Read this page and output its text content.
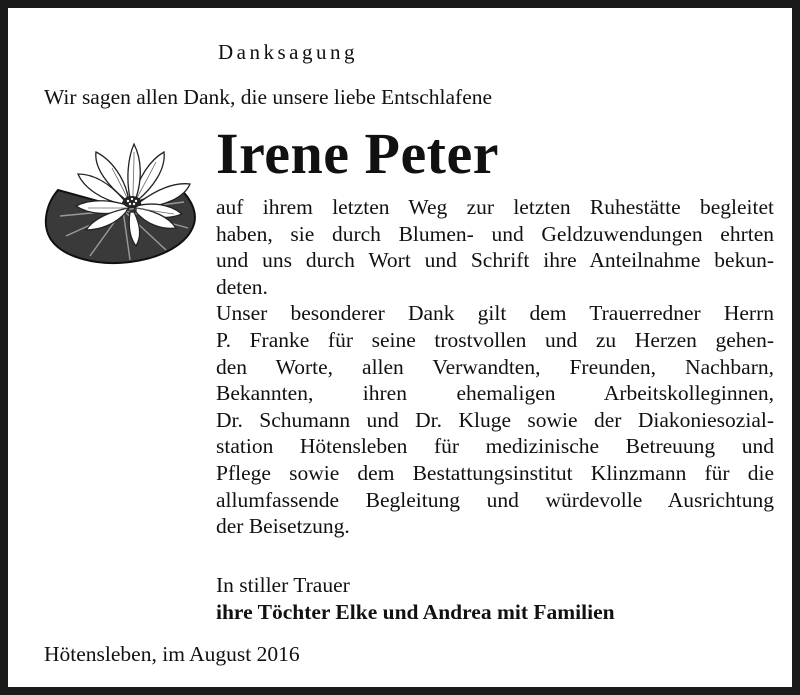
Danksagung
Wir sagen allen Dank, die unsere liebe Entschlafene
Irene Peter
auf ihrem letzten Weg zur letzten Ruhestätte begleitet
haben, sie durch Blumen- und Geldzuwendungen ehrten
und uns durch Wort und Schrift ihre Anteilnahme bekun-
deten.
Unser besonderer Dank gilt dem Trauerredner Herrn
P. Franke für seine trostvollen und zu Herzen gehen-
den Worte, allen Verwandten, Freunden, Nachbarn,
Bekannten, ihren ehemaligen Arbeitskolleginnen,
Dr. Schumann und Dr. Kluge sowie der Diakoniesozial-
station Hötensleben für medizinische Betreuung und
Pflege sowie dem Bestattungsinstitut Klinzmann für die
allumfassende Begleitung und würdevolle Ausrichtung
der Beisetzung.
In stiller Trauer
ihre Töchter Elke und Andrea mit Familien
Hötensleben, im August 2016
